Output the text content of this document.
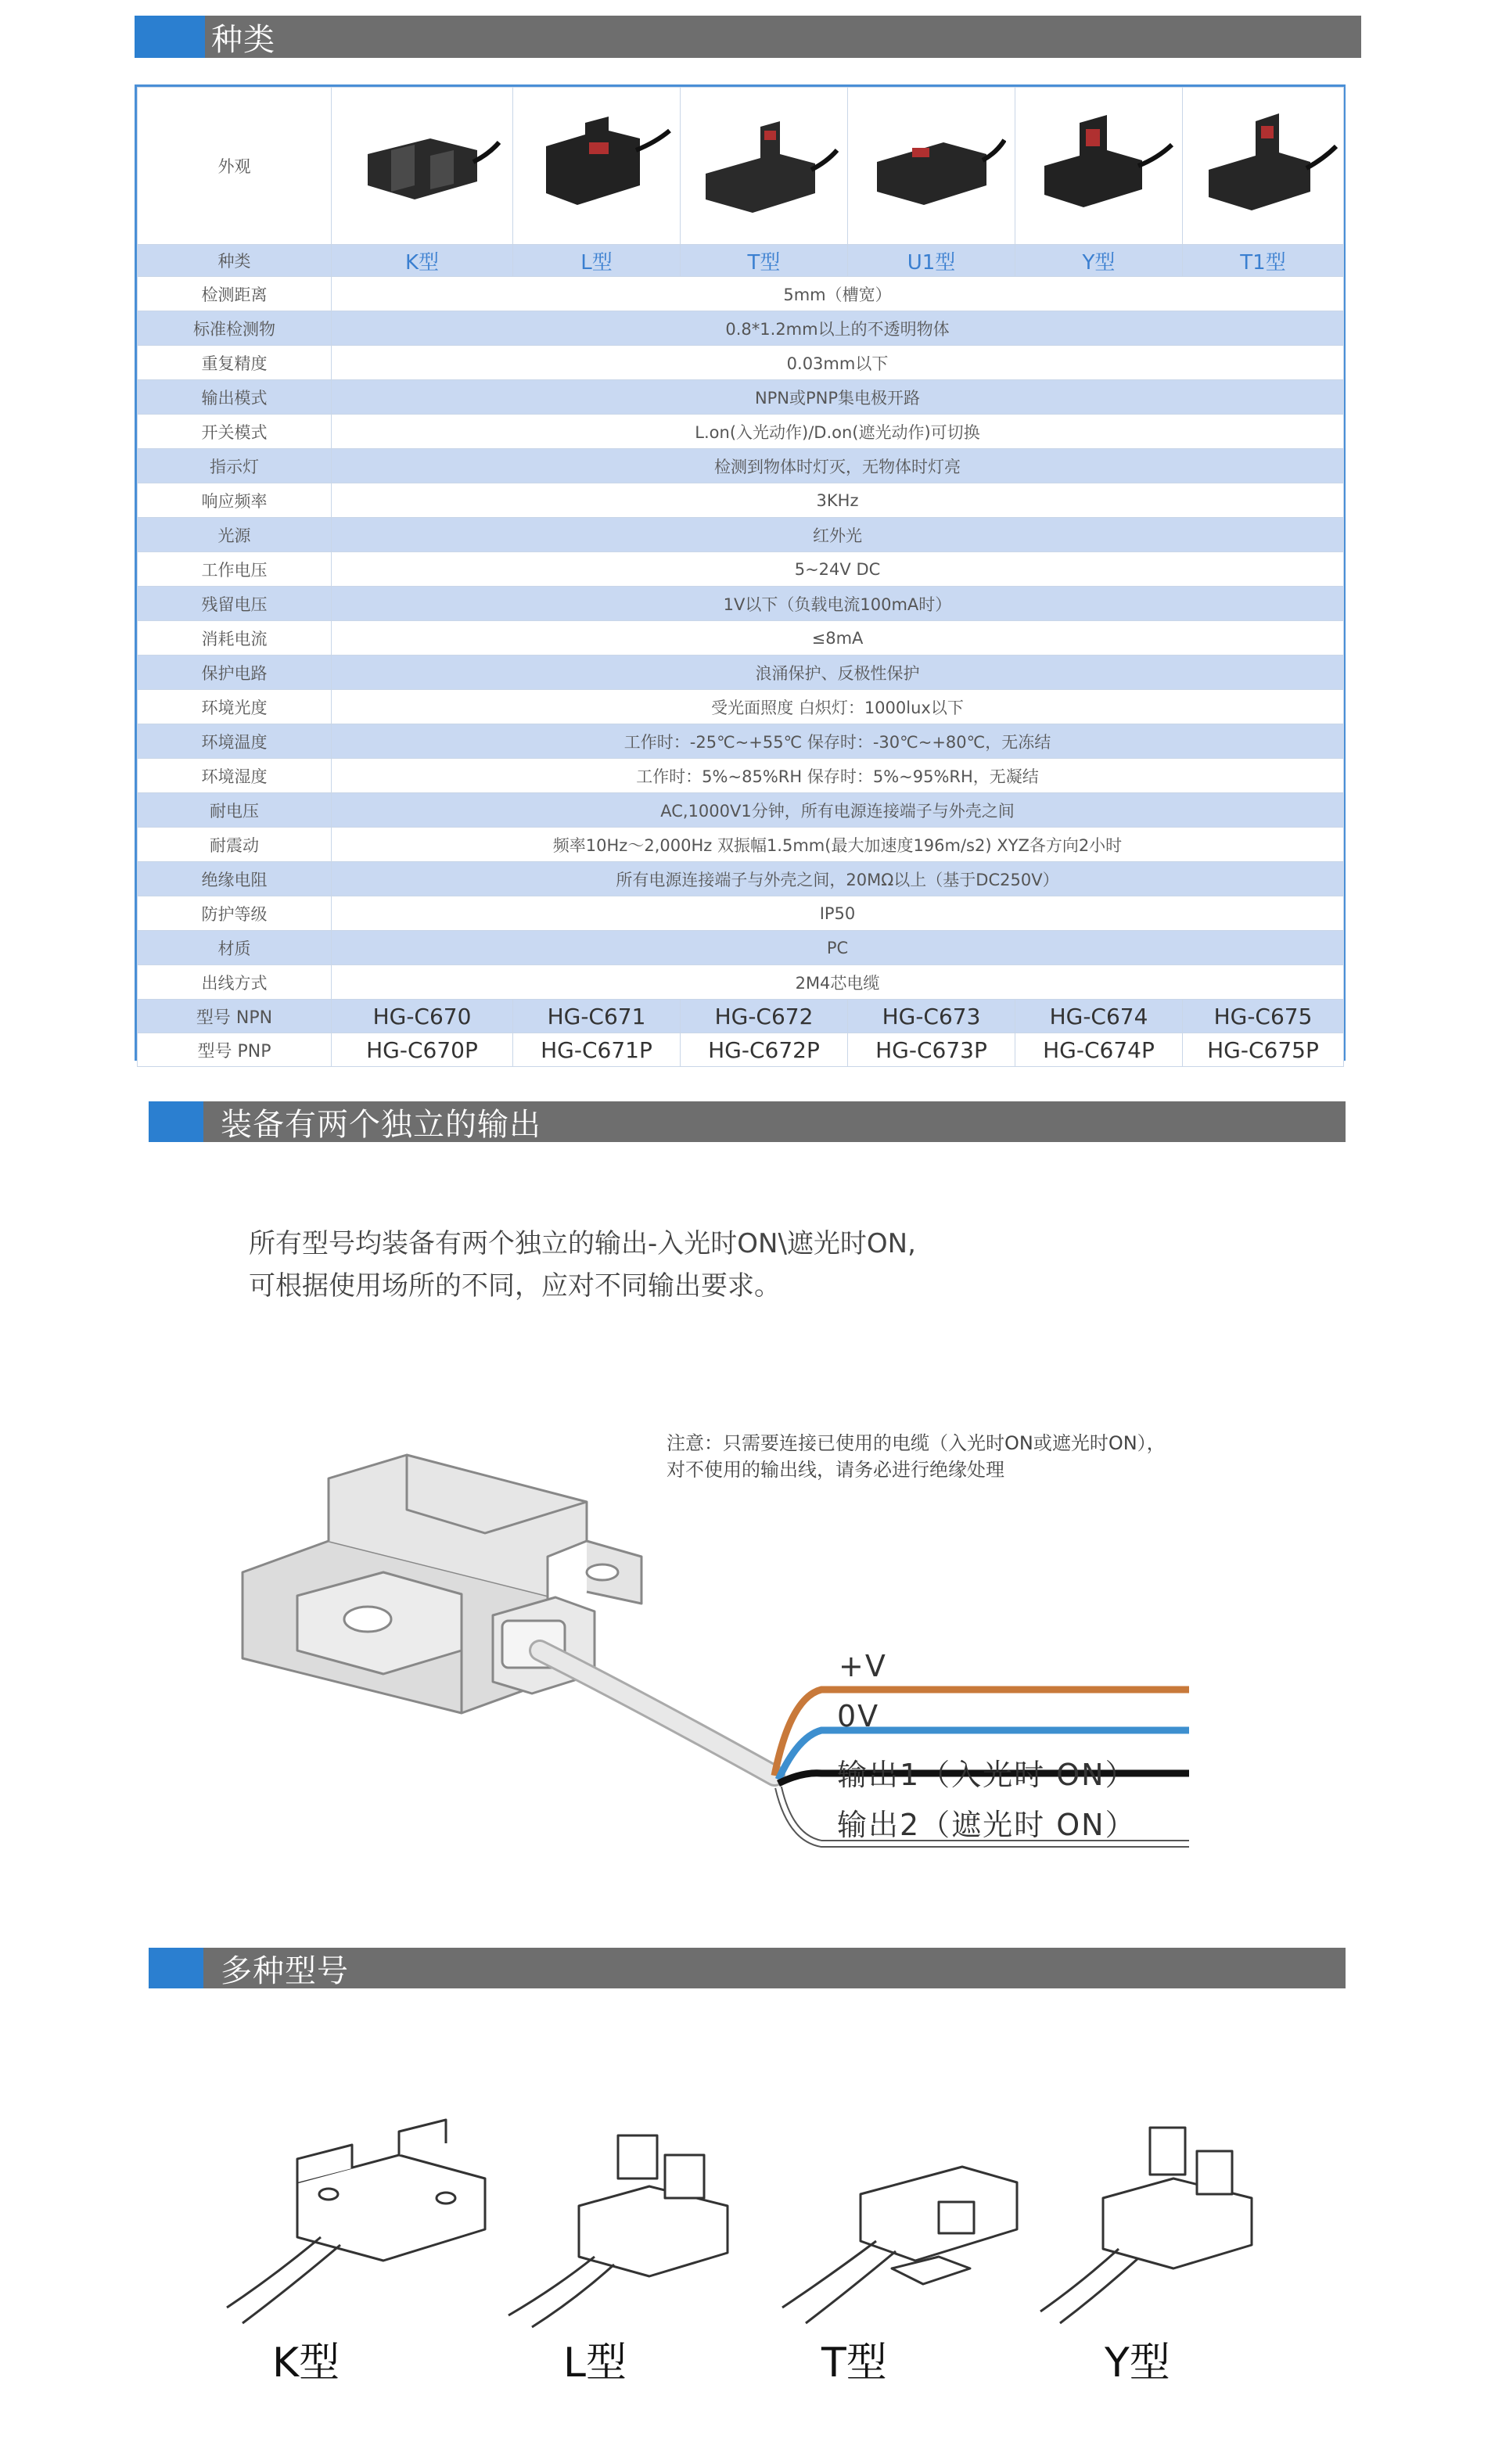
种类
外观	

种类	K型	L型	T型	U1型	Y型	T1型
检测距离	5mm（槽宽）					
标准检测物	0.8*1.2mm以上的不透明物体					
重复精度	0.03mm以下					
输出模式	NPN或PNP集电极开路					
开关模式	L.on(入光动作)/D.on(遮光动作)可切换					
指示灯	检测到物体时灯灭，无物体时灯亮					
响应频率	3KHz					
光源	红外光					
工作电压	5~24V DC					
残留电压	1V以下（负载电流100mA时）					
消耗电流	≤8mA					
保护电路	浪涌保护、反极性保护					
环境光度	受光面照度 白炽灯：1000lux以下					
环境温度	工作时：-25℃~+55℃ 保存时：-30℃~+80℃，无冻结					
环境湿度	工作时：5%~85%RH 保存时：5%~95%RH，无凝结					
耐电压	AC,1000V1分钟，所有电源连接端子与外壳之间					
耐震动	频率10Hz～2,000Hz 双振幅1.5mm(最大加速度196m/s2) XYZ各方向2小时					
绝缘电阻	所有电源连接端子与外壳之间，20MΩ以上（基于DC250V）					
防护等级	IP50					
材质	PC					
出线方式	2M4芯电缆					
型号 NPN	HG-C670	HG-C671	HG-C672	HG-C673	HG-C674	HG-C675
型号 PNP	HG-C670P	HG-C671P	HG-C672P	HG-C673P	HG-C674P	HG-C675P
装备有两个独立的输出
所有型号均装备有两个独立的输出-入光时ON\遮光时ON,
可根据使用场所的不同，应对不同输出要求。
注意：只需要连接已使用的电缆（入光时ON或遮光时ON），
对不使用的输出线，请务必进行绝缘处理
+V
0V
输出1（入光时 ON）
输出2（遮光时 ON）
多种型号
K型	L型	T型	Y型
